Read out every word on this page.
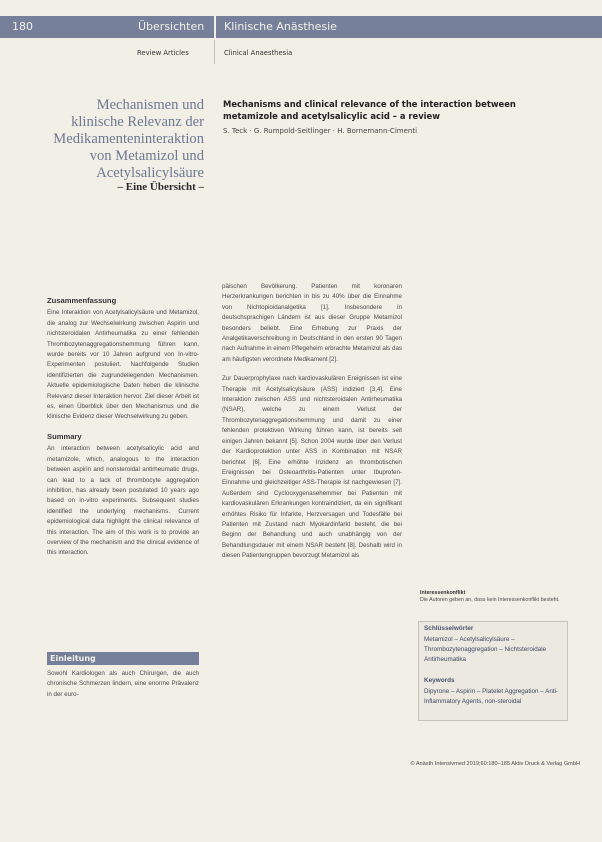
180	Übersichten Klinische Anästhesie
Review Articles	Clinical Anaesthesia
Mechanismen und
klinische Relevanz der
Medikamenteninteraktion
von Metamizol und
Acetylsalicylsäure
– Eine Übersicht –
Mechanisms and clinical relevance of the interaction between
metamizole and acetylsalicylic acid – a review
S. Teck · G. Rumpold-Seitlinger · H. Bornemann-Cimenti
Zusammenfassung

Eine Interaktion von Acetylsalicylsäure und Metamizol, die analog zur Wechselwirkung zwischen Aspirin und nichtsteroidalen Antirheumatika zu einer fehlenden Thrombozytenaggregationshemmung führen kann, wurde bereits vor 10 Jahren aufgrund von In-vitro-Experimenten postuliert. Nachfolgende Studien identifizierten die zugrundeliegenden Mechanismen. Aktuelle epidemiologische Daten heben die klinische Relevanz dieser Interaktion hervor. Ziel dieser Arbeit ist es, einen Überblick über den Mechanismus und die klinische Evidenz dieser Wechselwirkung zu geben.

Summary

An interaction between acetylsalicylic acid and metamizole, which, analogous to the interaction between aspirin and nonsteroidal antirheumatic drugs, can lead to a lack of thrombocyte aggregation inhibition, has already been postulated 10 years ago based on in-vitro experiments. Subsequent studies identified the underlying mechanisms. Current epidemiological data highlight the clinical relevance of this interaction. The aim of this work is to provide an overview of the mechanism and the clinical evidence of this interaction.

Einleitung
Sowohl Kardiologen als auch Chirurgen, die auch chronische Schmerzen lindern, eine enorme Prävalenz in der euro-

päischen Bevölkerung. Patienten mit koronaren Herzerkrankungen berichten in bis zu 40% über die Einnahme von Nichtopioidanalgetika [1]. Insbesondere in deutschsprachigen Ländern ist aus dieser Gruppe Metamizol besonders beliebt. Eine Erhebung zur Praxis der Analgetikaverschreibung in Deutschland in den ersten 90 Tagen nach Aufnahme in einem Pflegeheim erbrachte Metamizol als das am häufigsten verordnete Medikament [2].

Zur Dauerprophylaxe nach kardiovaskulären Ereignissen ist eine Therapie mit Acetylsalicylsäure (ASS) indiziert [3,4]. Eine Interaktion zwischen ASS und nichtsteroidalen Antirheumatika (NSAR), welche zu einem Verlust der Thrombozytenaggregationshemmung und damit zu einer fehlenden protektiven Wirkung führen kann, ist bereits seit einigen Jahren bekannt [5]. Schon 2004 wurde über den Verlust der Kardioprotektion unter ASS in Kombination mit NSAR berichtet [6]. Eine erhöhte Inzidenz an thrombotischen Ereignissen bei Osteoarthritis-Patienten unter Ibuprofen-Einnahme und gleichzeitiger ASS-Therapie ist nachgewiesen [7]. Außerdem sind Cyclooxygenasehemmer bei Patienten mit kardiovaskulären Erkrankungen kontraindiziert, da ein signifikant erhöhtes Risiko für Infarkte, Herzversagen und Todesfälle bei Patienten mit Zustand nach Myokardinfarkt besteht, die bei Beginn der Behandlung und auch unabhängig von der Behandlungsdauer mit einem NSAR besteht [8]. Deshalb wird in diesen Patientengruppen bevorzugt Metamizol als

Interessenkonflikt
Die Autoren geben an, dass kein Interessenkonflikt besteht.
Schlüsselwörter
Metamizol – Acetylsalicylsäure – Thrombozytenaggregation – Nichtsteroidale Antirheumatika
Keywords
Dipyrone – Aspirin – Platelet Aggregation – Anti-Inflammatory Agents, non-steroidal
© Anästh Intensivmed 2019;60:180–185 Aktiv Druck & Verlag GmbH
